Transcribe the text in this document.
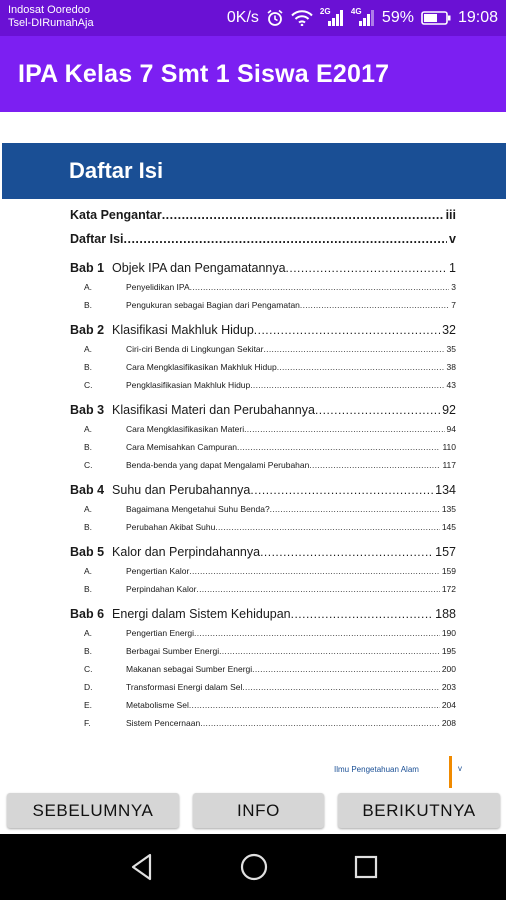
Indosat Ooredoo
Tsel-DIRumahAja	0K/s	2G	4G 59%	19:08
IPA Kelas 7 Smt 1 Siswa E2017
Daftar Isi
Kata Pengantar .....	iii
Daftar Isi .....	v
Bab 1 Objek IPA dan Pengamatannya .....	1
A.	Penyelidikan IPA .....	3
B.	Pengukuran sebagai Bagian dari Pengamatan .....	7
Bab 2 Klasifikasi Makhluk Hidup .....	32
A.	Ciri-ciri Benda di Lingkungan Sekitar .....	35
B.	Cara Mengklasifikasikan Makhluk Hidup .....	38
C.	Pengklasifikasian Makhluk Hidup .....	43
Bab 3 Klasifikasi Materi dan Perubahannya .....	92
A.	Cara Mengklasifikasikan Materi .....	94
B.	Cara Memisahkan Campuran .....	110
C.	Benda-benda yang dapat Mengalami Perubahan .....	117
Bab 4 Suhu dan Perubahannya .....	134
A.	Bagaimana Mengetahui Suhu Benda? .....	135
B.	Perubahan Akibat Suhu .....	145
Bab 5 Kalor dan Perpindahannya .....	157
A.	Pengertian Kalor .....	159
B.	Perpindahan Kalor .....	172
Bab 6 Energi dalam Sistem Kehidupan .....	188
A.	Pengertian Energi .....	190
B.	Berbagai Sumber Energi .....	195
C.	Makanan sebagai Sumber Energi .....	200
D.	Transformasi Energi dalam Sel .....	203
E.	Metabolisme Sel .....	204
F.	Sistem Pencernaan .....	208
Ilmu Pengetahuan Alam	v
SEBELUMNYA	INFO	BERIKUTNYA
